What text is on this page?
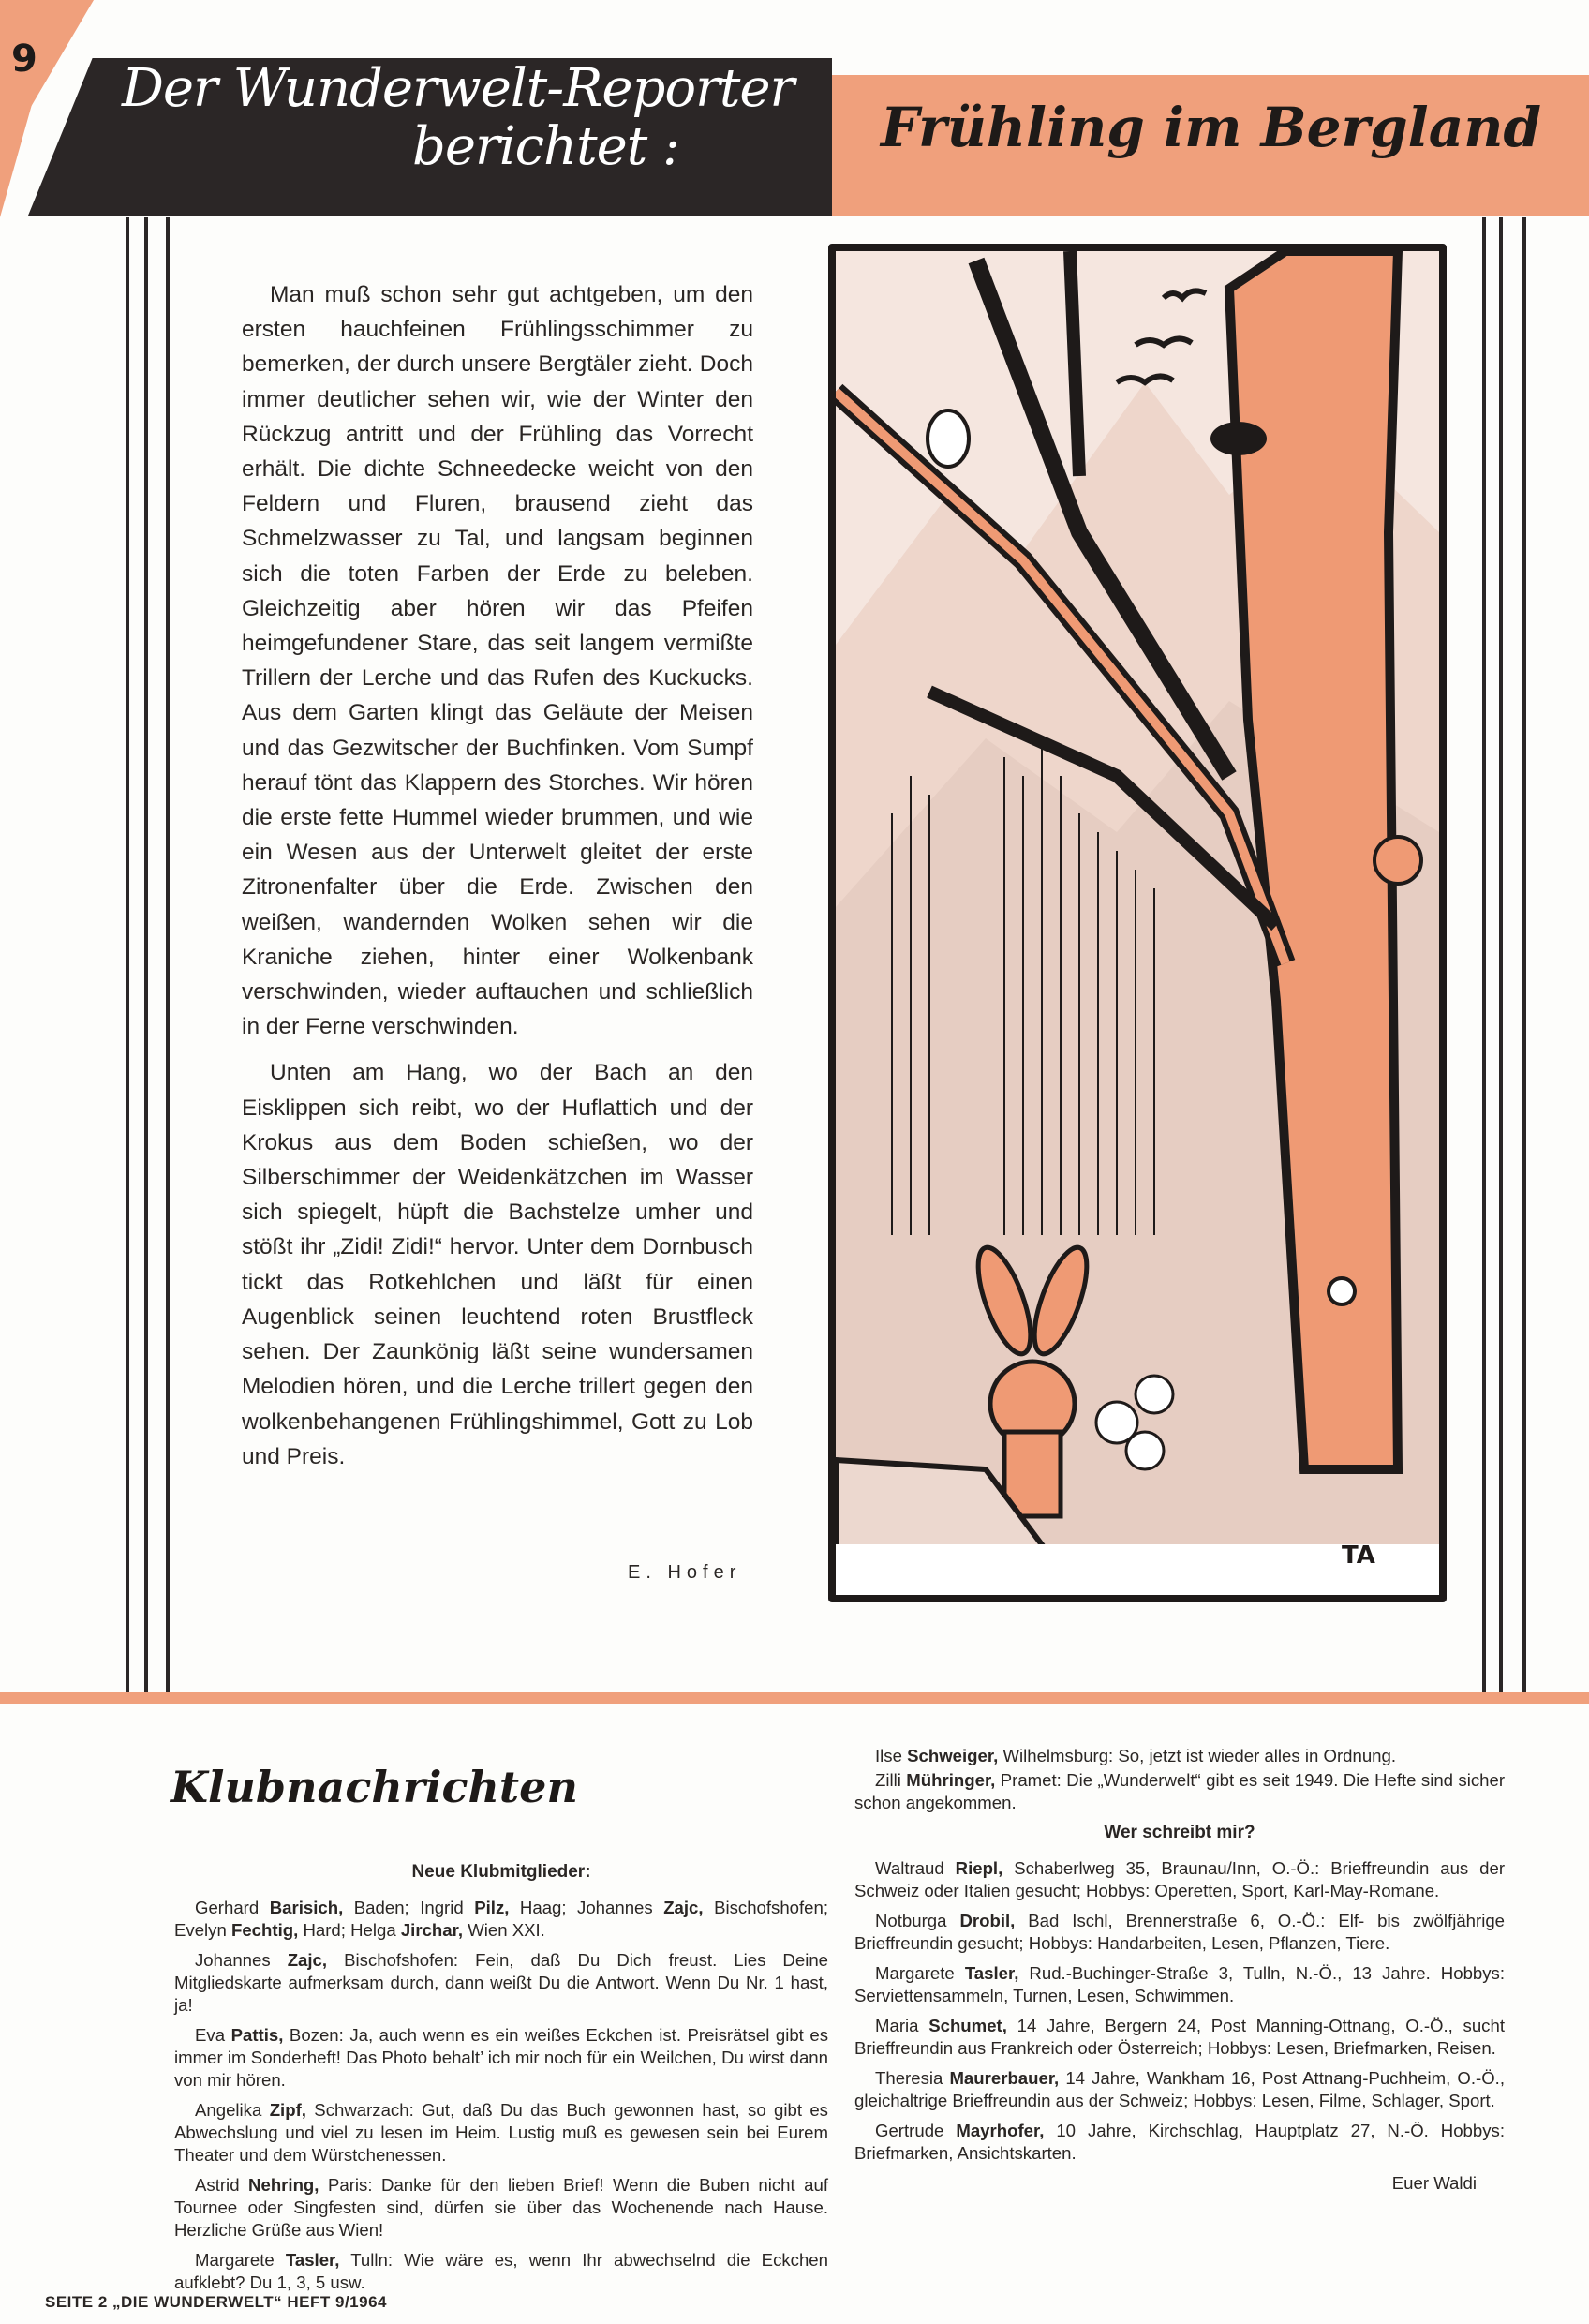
9 Der Wunderwelt-Reporter
berichtet :	Frühling im Bergland

Man muß schon sehr gut achtgeben, um den ersten hauchfeinen Frühlingsschimmer zu bemerken, der durch unsere Bergtäler zieht. Doch immer deutlicher sehen wir, wie der Winter den Rückzug antritt und der Frühling das Vorrecht erhält. Die dichte Schneedecke weicht von den Feldern und Fluren, brausend zieht das Schmelzwasser zu Tal, und langsam beginnen sich die toten Farben der Erde zu beleben. Gleichzeitig aber hören wir das Pfeifen heimgefundener Stare, das seit langem vermißte Trillern der Lerche und das Rufen des Kuckucks. Aus dem Garten klingt das Geläute der Meisen und das Gezwitscher der Buchfinken. Vom Sumpf herauf tönt das Klappern des Storches. Wir hören die erste fette Hummel wieder brummen, und wie ein Wesen aus der Unterwelt gleitet der erste Zitronenfalter über die Erde. Zwischen den weißen, wandernden Wolken sehen wir die Kraniche ziehen, hinter einer Wolkenbank verschwinden, wieder auftauchen und schließlich in der Ferne verschwinden.

Unten am Hang, wo der Bach an den Eisklippen sich reibt, wo der Huflattich und der Krokus aus dem Boden schießen, wo der Silberschimmer der Weidenkätzchen im Wasser sich spiegelt, hüpft die Bachstelze umher und stößt ihr „Zidi! Zidi!“ hervor. Unter dem Dornbusch tickt das Rotkehlchen und läßt für einen Augenblick seinen leuchtend roten Brustfleck sehen. Der Zaunkönig läßt seine wundersamen Melodien hören, und die Lerche trillert gegen den wolkenbehangenen Frühlingshimmel, Gott zu Lob und Preis.

E. Hofer
TA
Klubnachrichten

Neue Klubmitglieder:

Gerhard Barisich, Baden; Ingrid Pilz, Haag; Johannes Zajc, Bischofshofen; Evelyn Fechtig, Hard; Helga Jirchar, Wien XXI.

Johannes Zajc, Bischofshofen: Fein, daß Du Dich freust. Lies Deine Mitgliedskarte aufmerksam durch, dann weißt Du die Antwort. Wenn Du Nr. 1 hast, ja!

Eva Pattis, Bozen: Ja, auch wenn es ein weißes Eckchen ist. Preisrätsel gibt es immer im Sonderheft! Das Photo behalt’ ich mir noch für ein Weilchen, Du wirst dann von mir hören.

Angelika Zipf, Schwarzach: Gut, daß Du das Buch gewonnen hast, so gibt es Abwechslung und viel zu lesen im Heim. Lustig muß es gewesen sein bei Eurem Theater und dem Würstchenessen.

Astrid Nehring, Paris: Danke für den lieben Brief! Wenn die Buben nicht auf Tournee oder Singfesten sind, dürfen sie über das Wochenende nach Hause. Herzliche Grüße aus Wien!

Margarete Tasler, Tulln: Wie wäre es, wenn Ihr abwechselnd die Eckchen aufklebt? Du 1, 3, 5 usw.

Ilse Schweiger, Wilhelmsburg: So, jetzt ist wieder alles in Ordnung.

Zilli Mühringer, Pramet: Die „Wunderwelt“ gibt es seit 1949. Die Hefte sind sicher schon angekommen.

Wer schreibt mir?

Waltraud Riepl, Schaberlweg 35, Braunau/Inn, O.-Ö.: Brieffreundin aus der Schweiz oder Italien gesucht; Hobbys: Operetten, Sport, Karl-May-Romane.

Notburga Drobil, Bad Ischl, Brennerstraße 6, O.-Ö.: Elf- bis zwölfjährige Brieffreundin gesucht; Hobbys: Handarbeiten, Lesen, Pflanzen, Tiere.

Margarete Tasler, Rud.-Buchinger-Straße 3, Tulln, N.-Ö., 13 Jahre. Hobbys: Serviettensammeln, Turnen, Lesen, Schwimmen.

Maria Schumet, 14 Jahre, Bergern 24, Post Manning-Ottnang, O.-Ö., sucht Brieffreundin aus Frankreich oder Österreich; Hobbys: Lesen, Briefmarken, Reisen.

Theresia Maurerbauer, 14 Jahre, Wankham 16, Post Attnang-Puchheim, O.-Ö., gleichaltrige Brieffreundin aus der Schweiz; Hobbys: Lesen, Filme, Schlager, Sport.

Gertrude Mayrhofer, 10 Jahre, Kirchschlag, Hauptplatz 27, N.-Ö. Hobbys: Briefmarken, Ansichtskarten.

Euer Waldi

SEITE 2 „DIE WUNDERWELT“ HEFT 9/1964
